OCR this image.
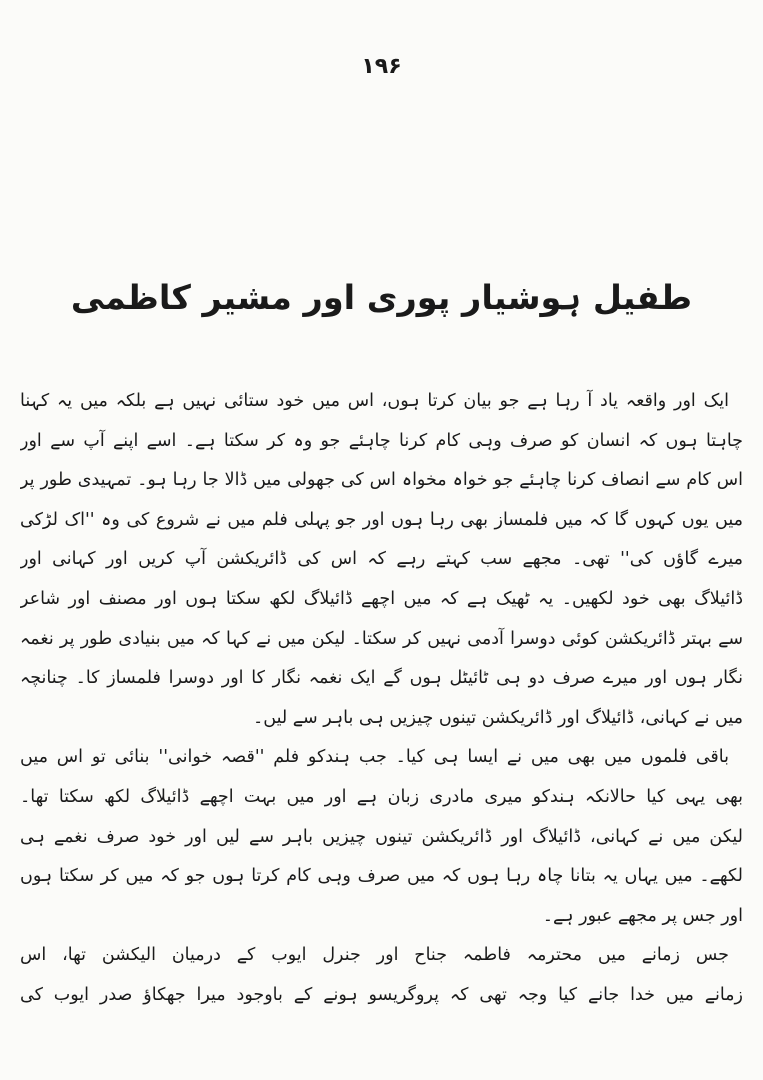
۱۹۶
طفیل ہوشیار پوری اور مشیر کاظمی
ایک اور واقعہ یاد آ رہا ہے جو بیان کرتا ہوں، اس میں خود ستائی نہیں ہے بلکہ میں یہ کہنا
چاہتا ہوں کہ انسان کو صرف وہی کام کرنا چاہئے جو وہ کر سکتا ہے۔ اسے اپنے آپ سے اور
اس کام سے انصاف کرنا چاہئے جو خواہ مخواہ اس کی جھولی میں ڈالا جا رہا ہو۔ تمہیدی طور پر
میں یوں کہوں گا کہ میں فلمساز بھی رہا ہوں اور جو پہلی فلم میں نے شروع کی وہ ''اک لڑکی
میرے گاؤں کی'' تھی۔ مجھے سب کہتے رہے کہ اس کی ڈائریکشن آپ کریں اور کہانی اور
ڈائیلاگ بھی خود لکھیں۔ یہ ٹھیک ہے کہ میں اچھے ڈائیلاگ لکھ سکتا ہوں اور مصنف اور شاعر
سے بہتر ڈائریکشن کوئی دوسرا آدمی نہیں کر سکتا۔ لیکن میں نے کہا کہ میں بنیادی طور پر نغمہ
نگار ہوں اور میرے صرف دو ہی ٹائیٹل ہوں گے ایک نغمہ نگار کا اور دوسرا فلمساز کا۔ چنانچہ
میں نے کہانی، ڈائیلاگ اور ڈائریکشن تینوں چیزیں ہی باہر سے لیں۔
باقی فلموں میں بھی میں نے ایسا ہی کیا۔ جب ہندکو فلم ''قصہ خوانی'' بنائی تو اس میں
بھی یہی کیا حالانکہ ہندکو میری مادری زبان ہے اور میں بہت اچھے ڈائیلاگ لکھ سکتا تھا۔
لیکن میں نے کہانی، ڈائیلاگ اور ڈائریکشن تینوں چیزیں باہر سے لیں اور خود صرف نغمے ہی
لکھے۔ میں یہاں یہ بتانا چاہ رہا ہوں کہ میں صرف وہی کام کرتا ہوں جو کہ میں کر سکتا ہوں
اور جس پر مجھے عبور ہے۔
جس زمانے میں محترمہ فاطمہ جناح اور جنرل ایوب کے درمیان الیکشن تھا، اس
زمانے میں خدا جانے کیا وجہ تھی کہ پروگریسو ہونے کے باوجود میرا جھکاؤ صدر ایوب کی
